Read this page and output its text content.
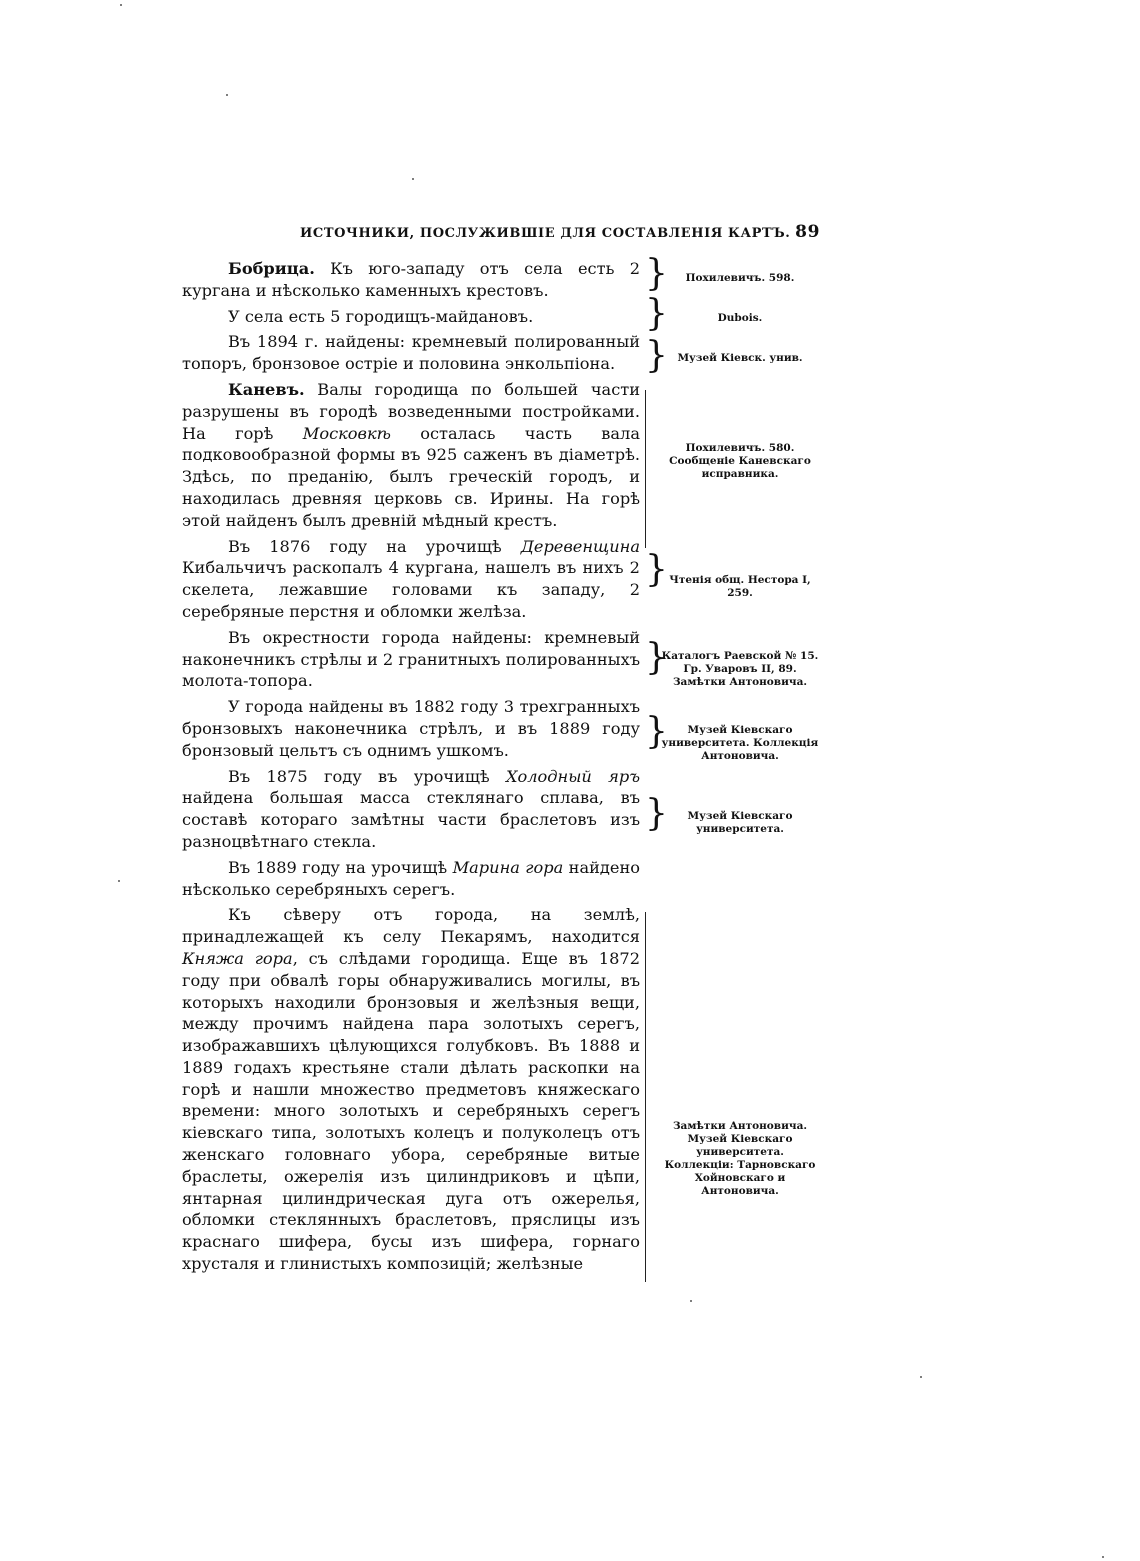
ИСТОЧНИКИ, ПОСЛУЖИВШІЕ ДЛЯ СОСТАВЛЕНІЯ КАРТЪ. 89

Бобрица. Къ юго-западу отъ села есть 2 кургана и нѣсколько каменныхъ крестовъ.

У села есть 5 городищъ-майдановъ.

Въ 1894 г. найдены: кремневый полированный топоръ, бронзовое остріе и половина энкольпіона.

Каневъ. Валы городища по большей части разрушены въ городѣ возведенными постройками. На горѣ Московкѣ осталась часть вала подковообразной формы въ 925 саженъ въ діаметрѣ. Здѣсь, по преданію, былъ греческій городъ, и находилась древняя церковь св. Ирины. На горѣ этой найденъ былъ древній мѣдный крестъ.

Въ 1876 году на урочищѣ Деревенщина Кибальчичъ раскопалъ 4 кургана, нашелъ въ нихъ 2 скелета, лежавшие головами къ западу, 2 серебряные перстня и обломки желѣза.

Въ окрестности города найдены: кремневый наконечникъ стрѣлы и 2 гранитныхъ полированныхъ молота-топора.

У города найдены въ 1882 году 3 трехгранныхъ бронзовыхъ наконечника стрѣлъ, и въ 1889 году бронзовый цельтъ съ однимъ ушкомъ.

Въ 1875 году въ урочищѣ Холодный яръ найдена большая масса стеклянаго сплава, въ составѣ котораго замѣтны части браслетовъ изъ разноцвѣтнаго стекла.

Въ 1889 году на урочищѣ Марина гора найдено нѣсколько серебряныхъ серегъ.

Къ сѣверу отъ города, на землѣ, принадлежащей къ селу Пекарямъ, находится Княжа гора, съ слѣдами городища. Еще въ 1872 году при обвалѣ горы обнаруживались могилы, въ которыхъ находили бронзовыя и желѣзныя вещи, между прочимъ найдена пара золотыхъ серегъ, изображавшихъ цѣлующихся голубковъ. Въ 1888 и 1889 годахъ крестьяне стали дѣлать раскопки на горѣ и нашли множество предметовъ княжескаго времени: много золотыхъ и серебряныхъ серегъ кіевскаго типа, золотыхъ колецъ и полуколецъ отъ женскаго головнаго убора, серебряные витые браслеты, ожерелія изъ цилиндриковъ и цѣпи, янтарная цилиндрическая дуга отъ ожерелья, обломки стеклянныхъ браслетовъ, пряслицы изъ краснаго шифера, бусы изъ шифера, горнаго хрусталя и глинистыхъ композицій; желѣзные

}
}
}
}
}
}
}
Похилевичъ. 598.
Dubois.
Музей Кіевск. унив.
Похилевичъ. 580. Сообщеніе Каневскаго исправника.
Чтенія общ. Нестора I, 259.
Каталогъ Раевской № 15. Гр. Уваровъ II, 89. Замѣтки Антоновича.
Музей Кіевскаго университета. Коллекція Антоновича.
Музей Кіевскаго университета.
Замѣтки Антоновича. Музей Кіевскаго университета. Коллекціи: Тарновскаго Хойновскаго и Антоновича.
